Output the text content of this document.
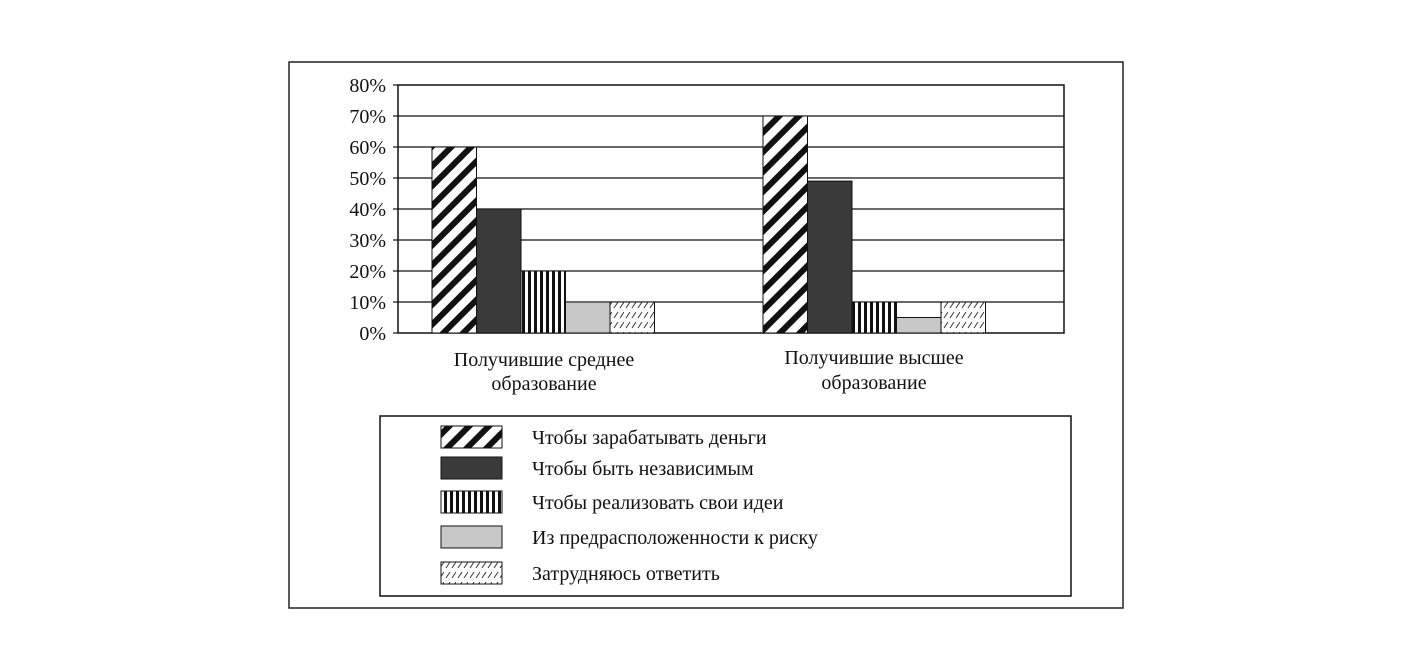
0%
10%
20%
30%
40%
50%
60%
70%
80%
Получившие среднее
образование
Получившие высшее
образование
Чтобы зарабатывать деньги
Чтобы быть независимым
Чтобы реализовать свои идеи
Из предрасположенности к риску
Затрудняюсь ответить
